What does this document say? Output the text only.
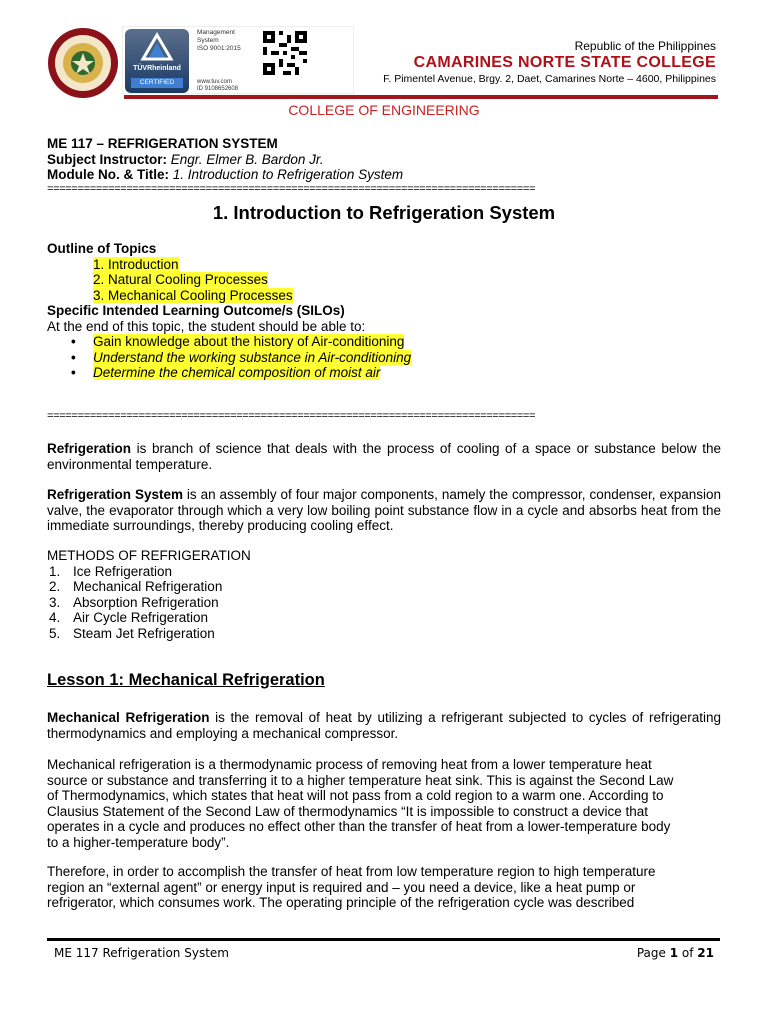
TÜVRheinland
CERTIFIED
Management
System
ISO 9001:2015
www.tuv.com
ID 9108652608
Republic of the Philippines
CAMARINES NORTE STATE COLLEGE
F. Pimentel Avenue, Brgy. 2, Daet, Camarines Norte – 4600, Philippines
COLLEGE OF ENGINEERING
ME 117 – REFRIGERATION SYSTEM
Subject Instructor: Engr. Elmer B. Bardon Jr.
Module No. & Title: 1. Introduction to Refrigeration System
================================================================================
1. Introduction to Refrigeration System
Outline of Topics
1. Introduction
2. Natural Cooling Processes
3. Mechanical Cooling Processes
Specific Intended Learning Outcome/s (SILOs)
At the end of this topic, the student should be able to:
• Gain knowledge about the history of Air-conditioning
• Understand the working substance in Air-conditioning
• Determine the chemical composition of moist air
================================================================================
Refrigeration is branch of science that deals with the process of cooling of a space or substance below the environmental temperature.
Refrigeration System is an assembly of four major components, namely the compressor, condenser, expansion valve, the evaporator through which a very low boiling point substance flow in a cycle and absorbs heat from the immediate surroundings, thereby producing cooling effect.
METHODS OF REFRIGERATION
1. Ice Refrigeration
2. Mechanical Refrigeration
3. Absorption Refrigeration
4. Air Cycle Refrigeration
5. Steam Jet Refrigeration
Lesson 1: Mechanical Refrigeration
Mechanical Refrigeration is the removal of heat by utilizing a refrigerant subjected to cycles of refrigerating thermodynamics and employing a mechanical compressor.
Mechanical refrigeration is a thermodynamic process of removing heat from a lower temperature heat
source or substance and transferring it to a higher temperature heat sink. This is against the Second Law
of Thermodynamics, which states that heat will not pass from a cold region to a warm one. According to
Clausius Statement of the Second Law of thermodynamics “It is impossible to construct a device that
operates in a cycle and produces no effect other than the transfer of heat from a lower-temperature body
to a higher-temperature body”.
Therefore, in order to accomplish the transfer of heat from low temperature region to high temperature
region an “external agent” or energy input is required and – you need a device, like a heat pump or
refrigerator, which consumes work. The operating principle of the refrigeration cycle was described
ME 117 Refrigeration System	Page 1 of 21
